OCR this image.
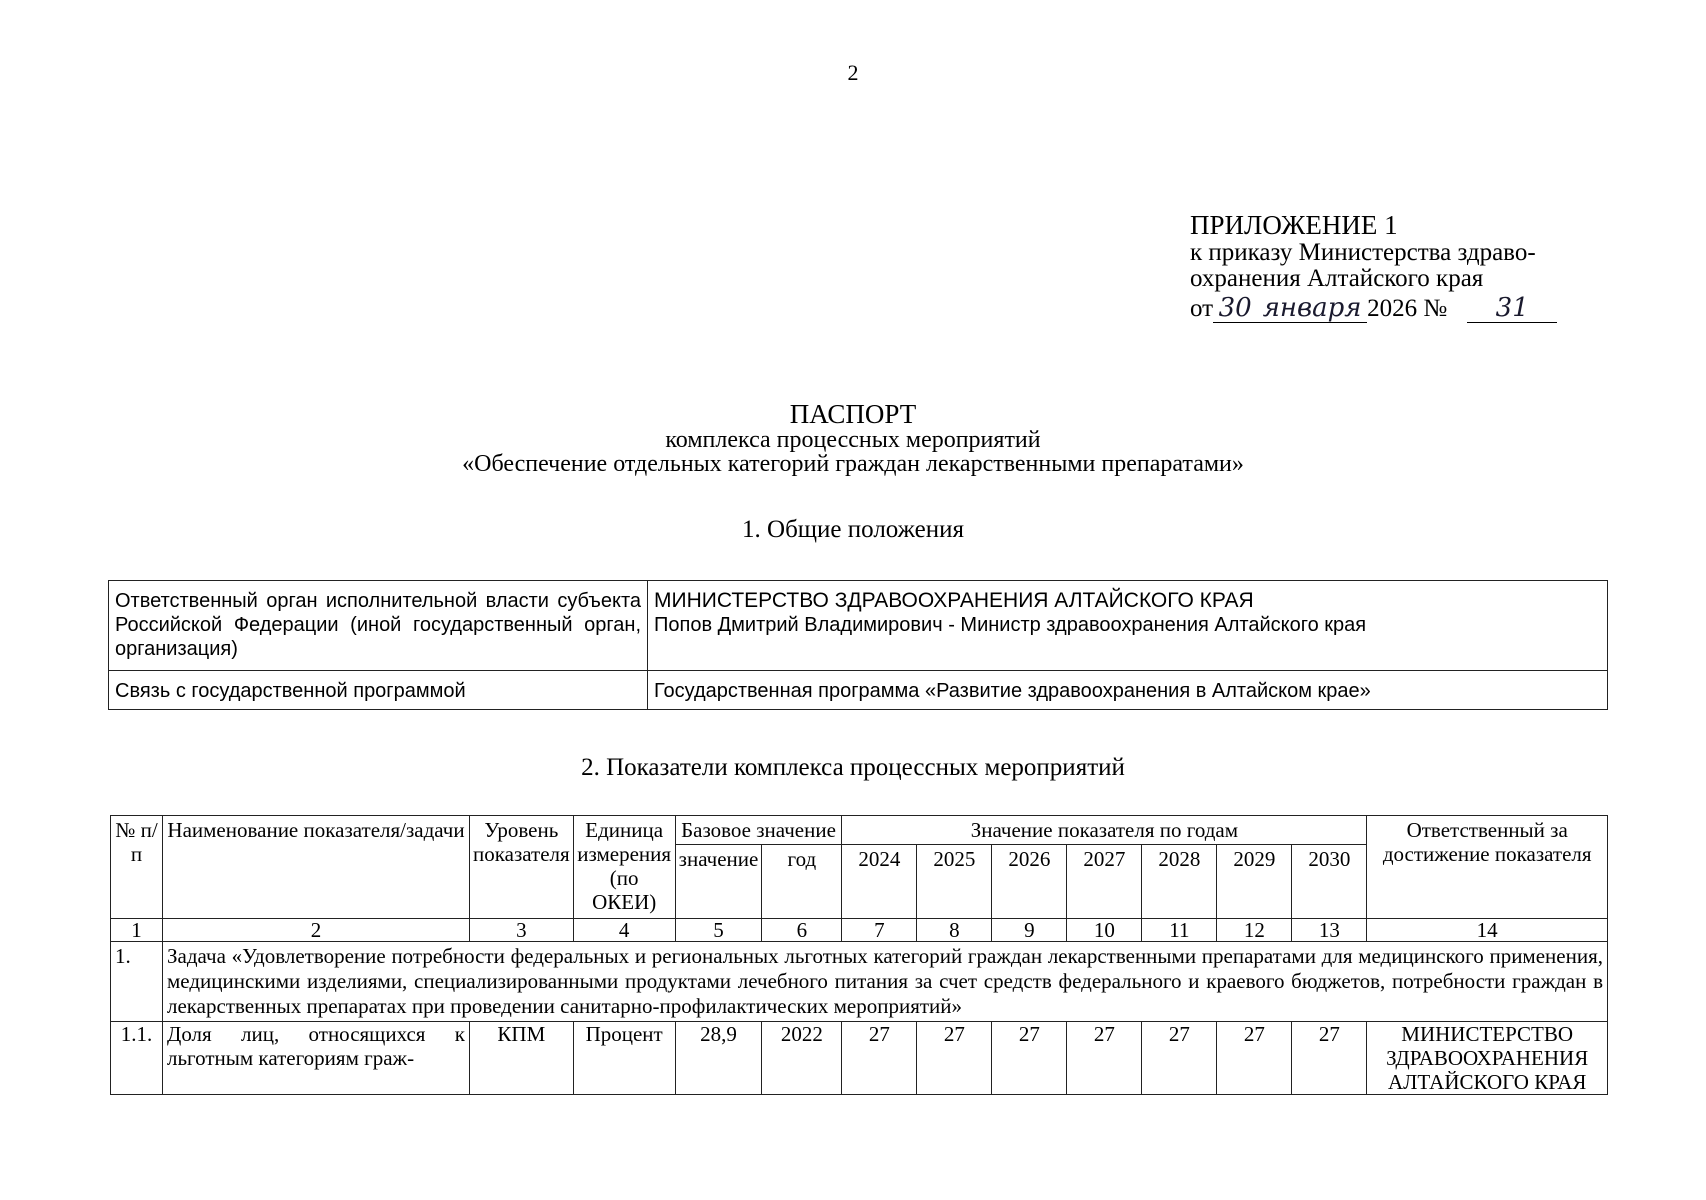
2
ПРИЛОЖЕНИЕ 1
к приказу Министерства здраво-
охранения Алтайского края
от 30 января 2026 №	31
ПАСПОРТ
комплекса процессных мероприятий
«Обеспечение отдельных категорий граждан лекарственными препаратами»
1. Общие положения
Ответственный орган исполнительной власти субъекта Российской Федерации (иной государственный орган, организация)	МИНИСТЕРСТВО ЗДРАВООХРАНЕНИЯ АЛТАЙСКОГО КРАЯ
Попов Дмитрий Владимирович - Министр здравоохранения Алтайского края

Связь с государственной программой	Государственная программа «Развитие здравоохранения в Алтайском крае»
2. Показатели комплекса процессных мероприятий
№ п/п	Наименование показателя/задачи	Уровень показателя	Единица измерения (по ОКЕИ)	Базовое значение		Значение показателя по годам							Ответственный за достижение показателя
				значение	год	2024	2025	2026	2027	2028	2029	2030	
1	2	3	4	5	6	7	8	9	10	11	12	13	14
1.	Задача «Удовлетворение потребности федеральных и региональных льготных категорий граждан лекарственными препаратами для медицинского применения, медицинскими изделиями, специализированными продуктами лечебного питания за счет средств федерального и краевого бюджетов, потребности граждан в лекарственных препаратах при проведении санитарно-профилактических мероприятий»												
1.1.	Доля лиц, относящихся к льготным категориям граж-	КПМ	Процент	28,9	2022	27	27	27	27	27	27	27	МИНИСТЕРСТВО ЗДРАВООХРАНЕНИЯ АЛТАЙСКОГО КРАЯ
